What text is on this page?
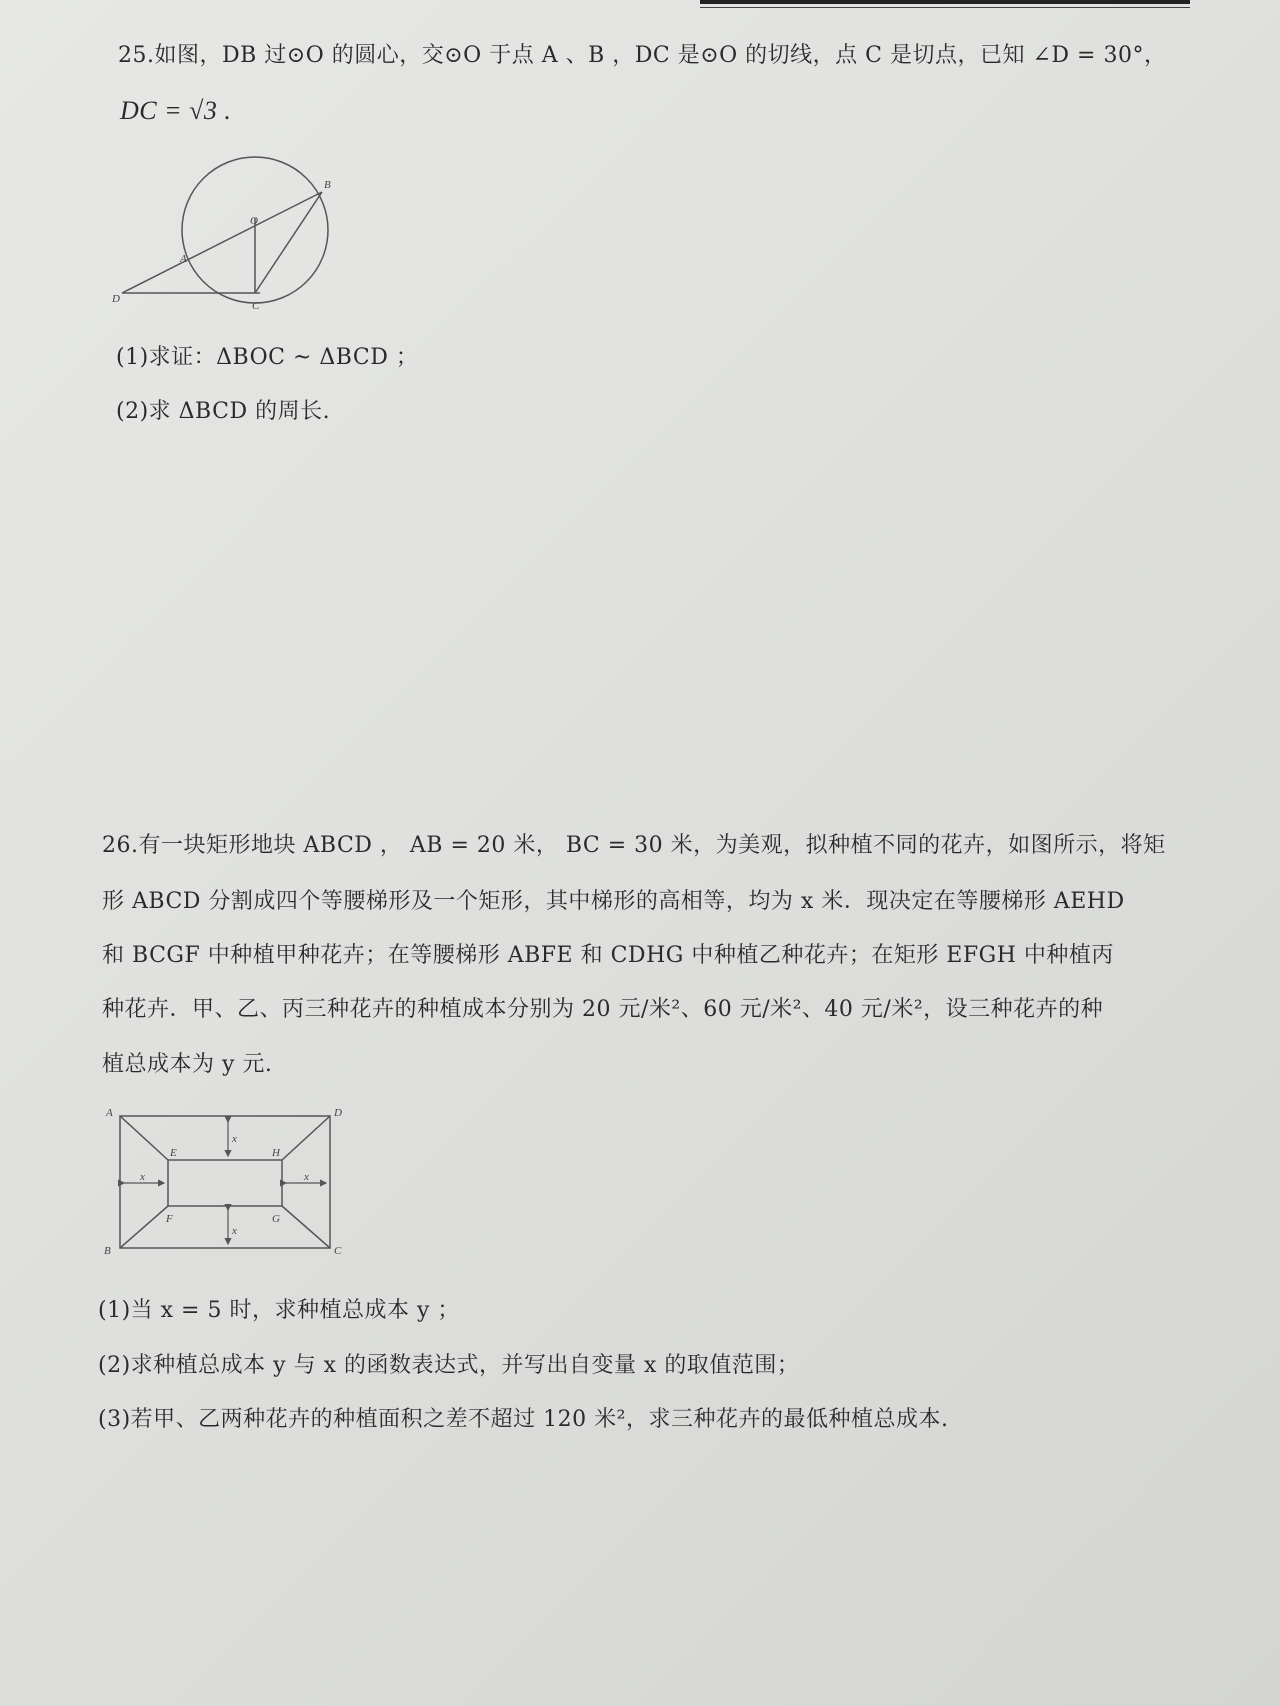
25.如图，DB 过⊙O 的圆心，交⊙O 于点 A 、B ，DC 是⊙O 的切线，点 C 是切点，已知 ∠D = 30°，
DC = √3 .
O
A
B
C
D
(1)求证：ΔBOC ~ ΔBCD ；
(2)求 ΔBCD 的周长.
26.有一块矩形地块 ABCD ， AB = 20 米， BC = 30 米，为美观，拟种植不同的花卉，如图所示，将矩
形 ABCD 分割成四个等腰梯形及一个矩形，其中梯形的高相等，均为 x 米．现决定在等腰梯形 AEHD
和 BCGF 中种植甲种花卉；在等腰梯形 ABFE 和 CDHG 中种植乙种花卉；在矩形 EFGH 中种植丙
种花卉．甲、乙、丙三种花卉的种植成本分别为 20 元/米²、60 元/米²、40 元/米²，设三种花卉的种
植总成本为 y 元.
x
x
x	x
A	D
B	C
E	H
F	G
(1)当 x = 5 时，求种植总成本 y ；
(2)求种植总成本 y 与 x 的函数表达式，并写出自变量 x 的取值范围；
(3)若甲、乙两种花卉的种植面积之差不超过 120 米²，求三种花卉的最低种植总成本.
